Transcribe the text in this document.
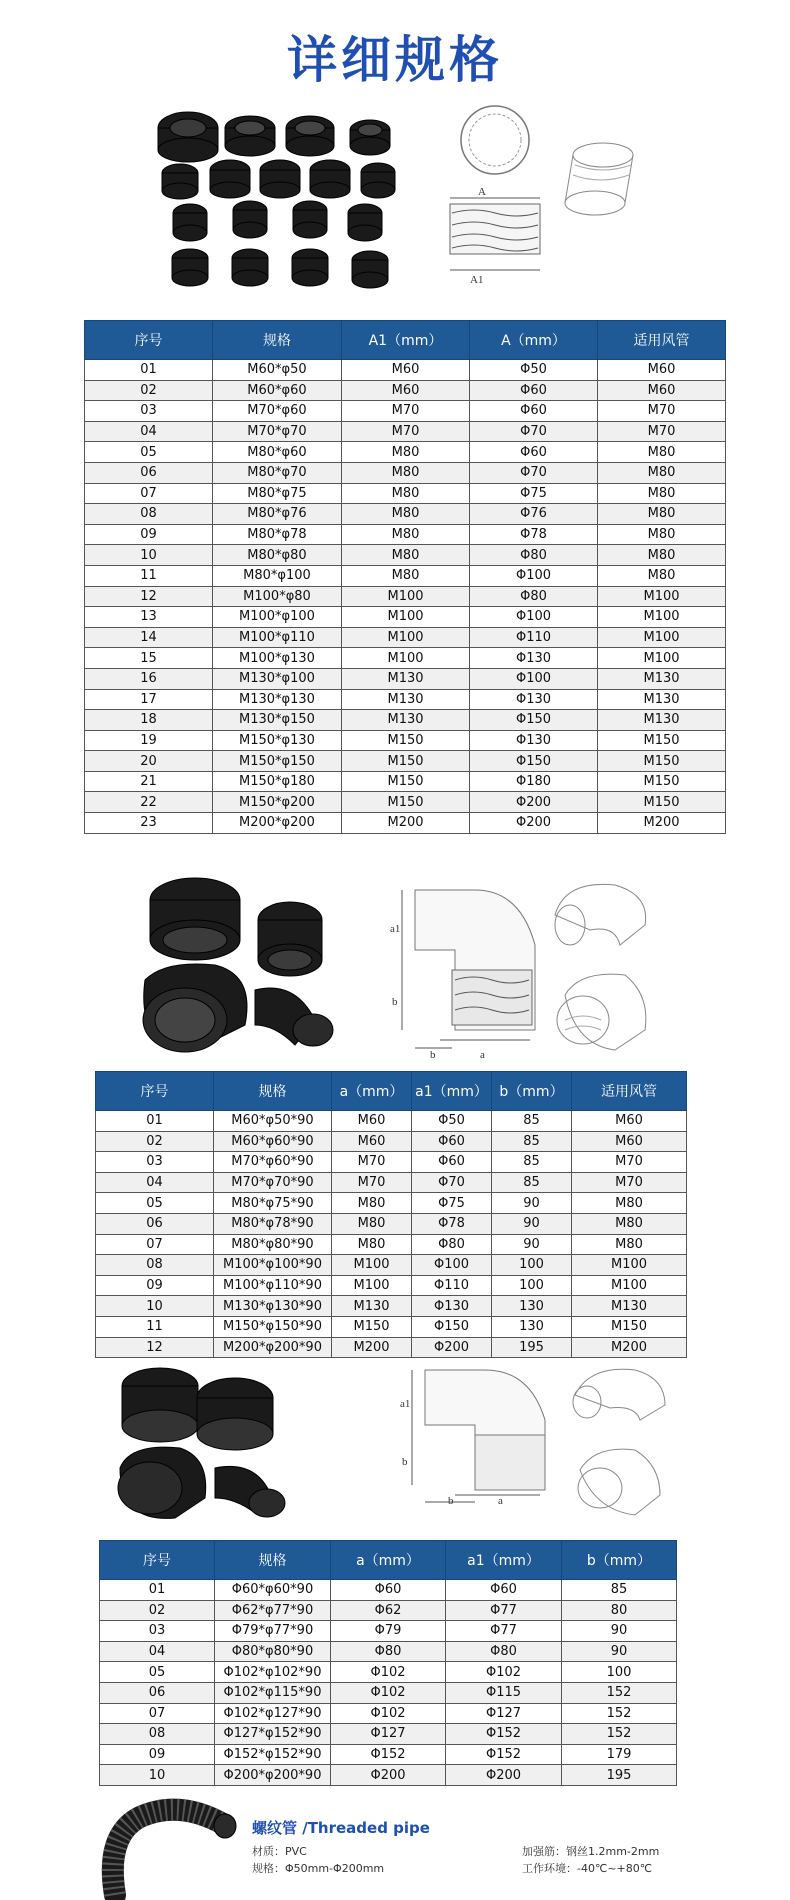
详细规格
A
A1
序号	规格	A1（mm）	A（mm）	适用风管
01	M60*φ50	M60	Φ50	M60
02	M60*φ60	M60	Φ60	M60
03	M70*φ60	M70	Φ60	M70
04	M70*φ70	M70	Φ70	M70
05	M80*φ60	M80	Φ60	M80
06	M80*φ70	M80	Φ70	M80
07	M80*φ75	M80	Φ75	M80
08	M80*φ76	M80	Φ76	M80
09	M80*φ78	M80	Φ78	M80
10	M80*φ80	M80	Φ80	M80
11	M80*φ100	M80	Φ100	M80
12	M100*φ80	M100	Φ80	M100
13	M100*φ100	M100	Φ100	M100
14	M100*φ110	M100	Φ110	M100
15	M100*φ130	M100	Φ130	M100
16	M130*φ100	M130	Φ100	M130
17	M130*φ130	M130	Φ130	M130
18	M130*φ150	M130	Φ150	M130
19	M150*φ130	M150	Φ130	M150
20	M150*φ150	M150	Φ150	M150
21	M150*φ180	M150	Φ180	M150
22	M150*φ200	M150	Φ200	M150
23	M200*φ200	M200	Φ200	M200
a1
b
b	a
序号	规格	a（mm）	a1（mm）	b（mm）	适用风管
01	M60*φ50*90	M60	Φ50	85	M60
02	M60*φ60*90	M60	Φ60	85	M60
03	M70*φ60*90	M70	Φ60	85	M70
04	M70*φ70*90	M70	Φ70	85	M70
05	M80*φ75*90	M80	Φ75	90	M80
06	M80*φ78*90	M80	Φ78	90	M80
07	M80*φ80*90	M80	Φ80	90	M80
08	M100*φ100*90	M100	Φ100	100	M100
09	M100*φ110*90	M100	Φ110	100	M100
10	M130*φ130*90	M130	Φ130	130	M130
11	M150*φ150*90	M150	Φ150	130	M150
12	M200*φ200*90	M200	Φ200	195	M200
a1
b
b	a
序号	规格	a（mm）	a1（mm）	b（mm）
01	Φ60*φ60*90	Φ60	Φ60	85
02	Φ62*φ77*90	Φ62	Φ77	80
03	Φ79*φ77*90	Φ79	Φ77	90
04	Φ80*φ80*90	Φ80	Φ80	90
05	Φ102*φ102*90	Φ102	Φ102	100
06	Φ102*φ115*90	Φ102	Φ115	152
07	Φ102*φ127*90	Φ102	Φ127	152
08	Φ127*φ152*90	Φ127	Φ152	152
09	Φ152*φ152*90	Φ152	Φ152	179
10	Φ200*φ200*90	Φ200	Φ200	195
螺纹管 /Threaded pipe
材质：PVC
规格：Φ50mm-Φ200mm
加强筋：钢丝1.2mm-2mm
工作环境：-40℃~+80℃
